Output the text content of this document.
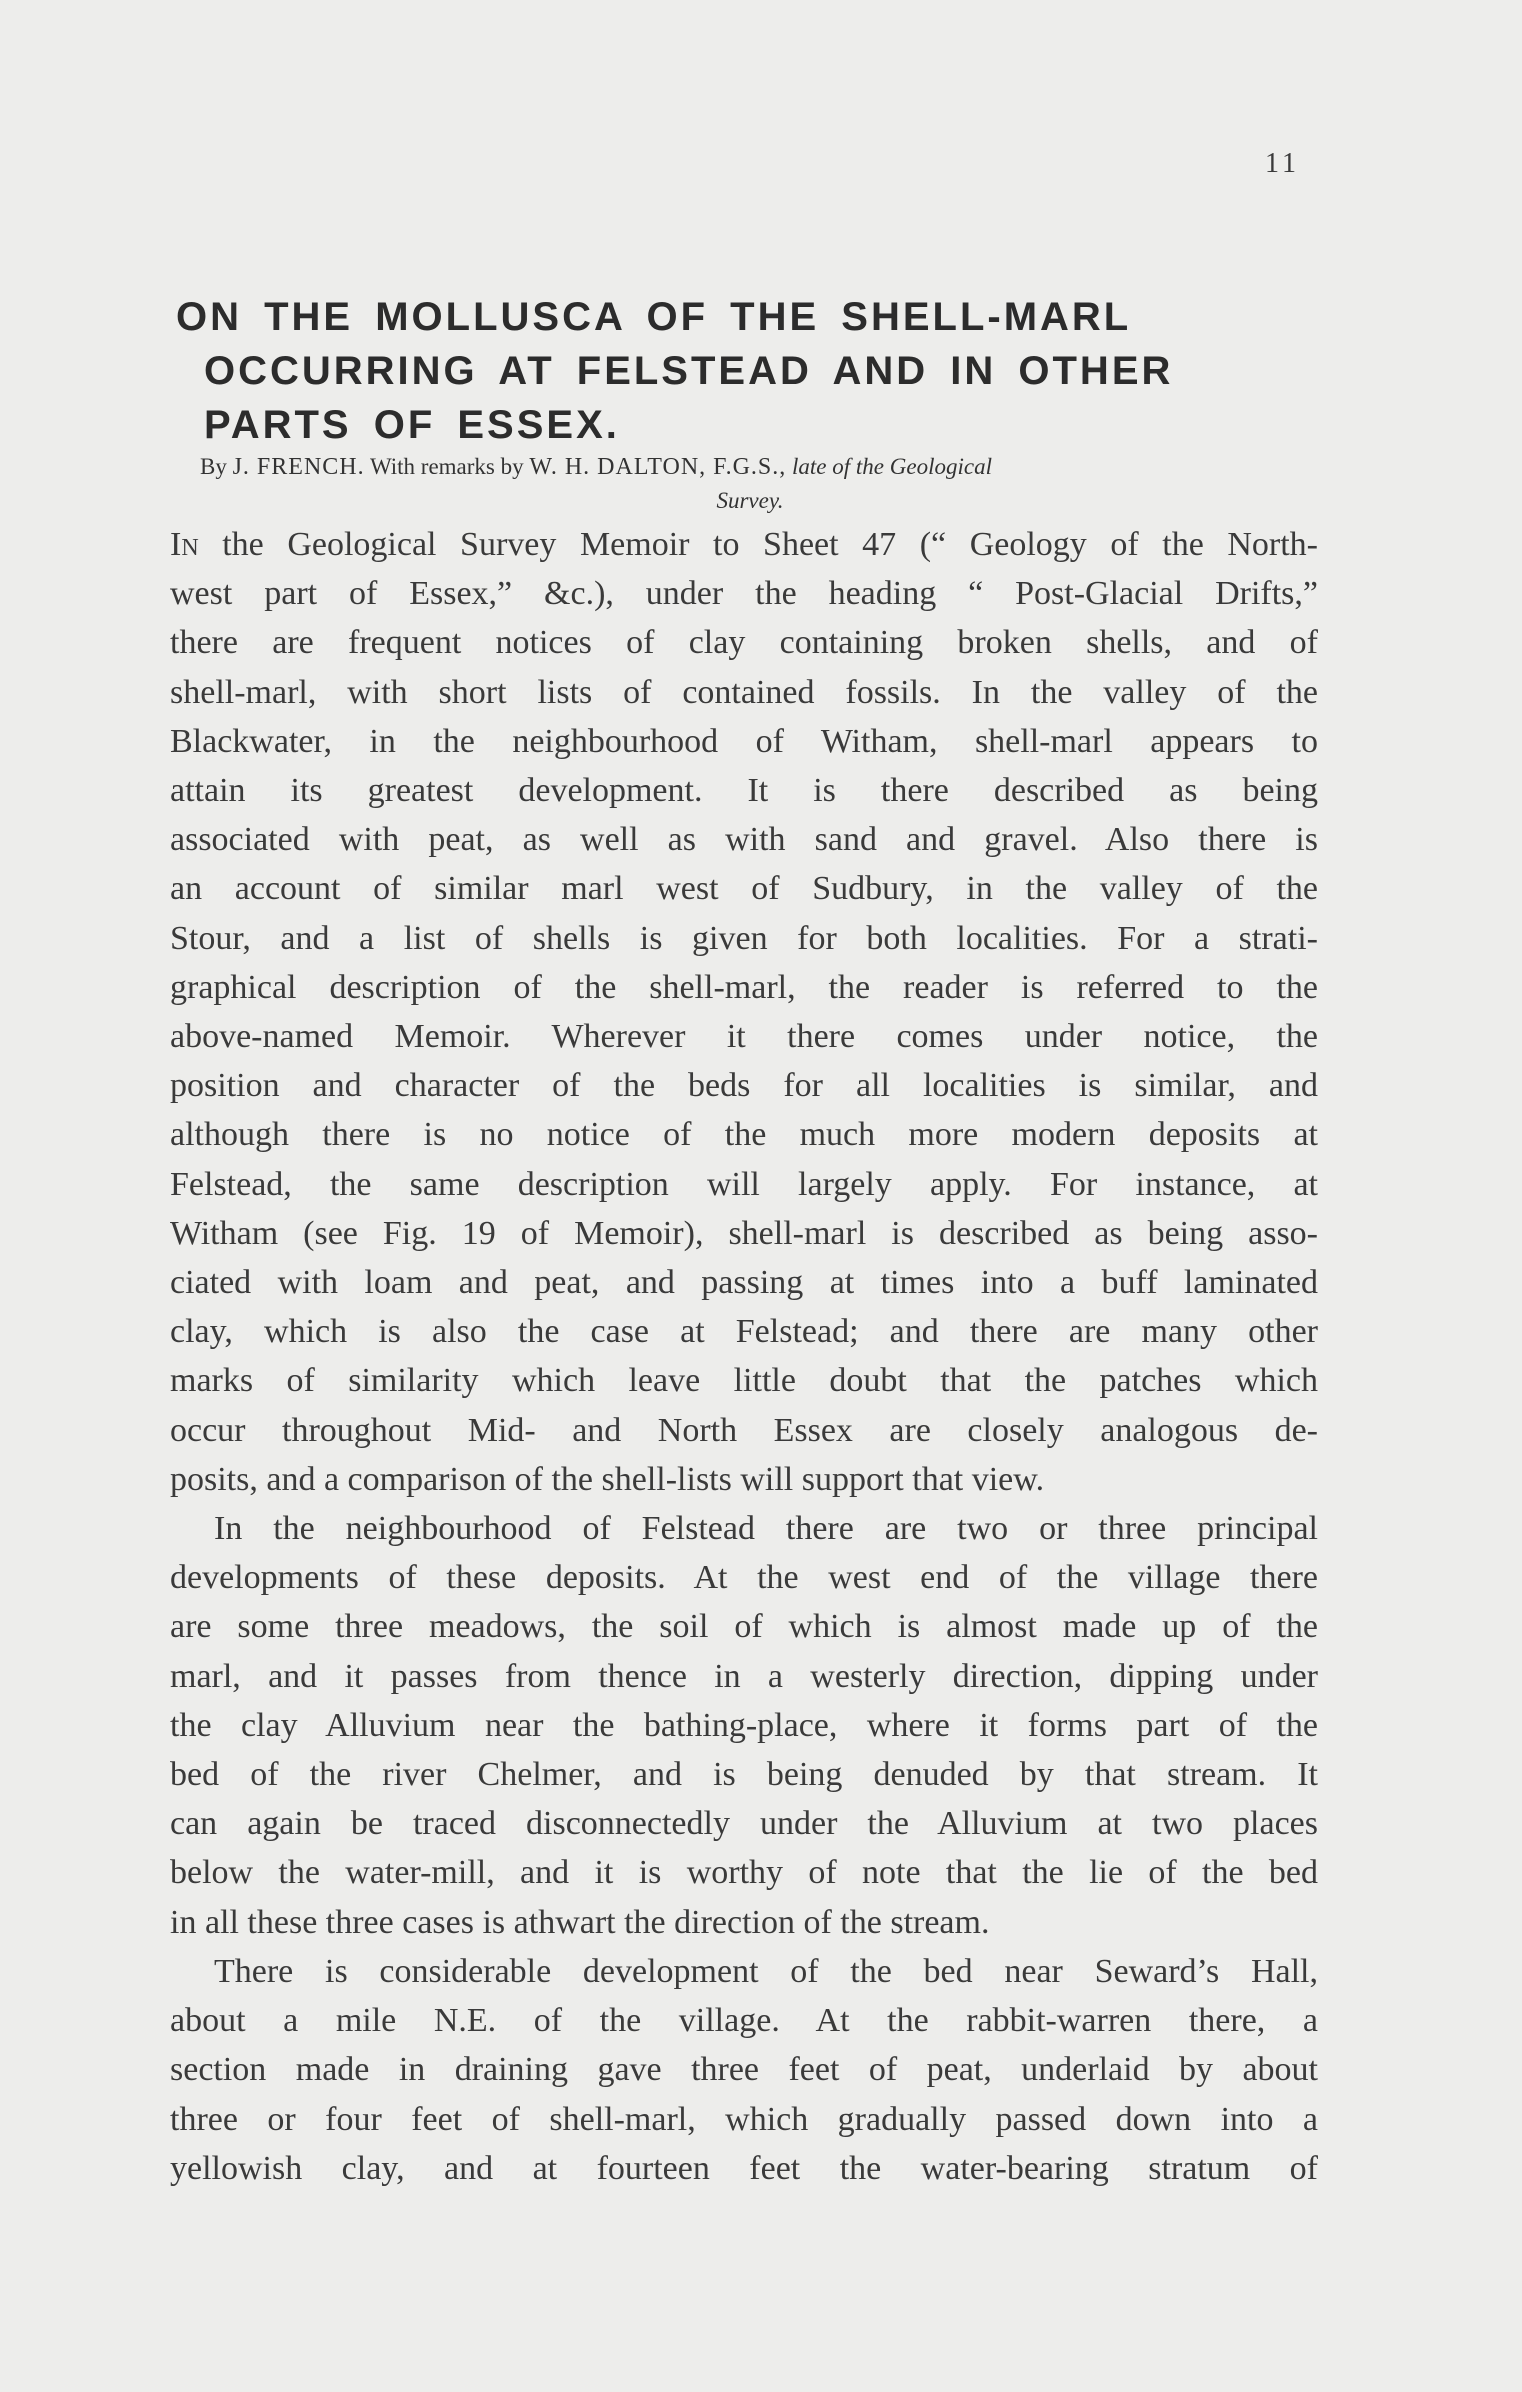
11
ON THE MOLLUSCA OF THE SHELL-MARL
OCCURRING AT FELSTEAD AND IN OTHER
PARTS OF ESSEX.
By J. FRENCH. With remarks by W. H. DALTON, F.G.S., late of the Geological
Survey.

In the Geological Survey Memoir to Sheet 47 (“ Geology of the North-
west part of Essex,” &c.), under the heading “ Post-Glacial Drifts,”
there are frequent notices of clay containing broken shells, and of
shell-marl, with short lists of contained fossils. In the valley of the
Blackwater, in the neighbourhood of Witham, shell-marl appears to
attain its greatest development. It is there described as being
associated with peat, as well as with sand and gravel. Also there is
an account of similar marl west of Sudbury, in the valley of the
Stour, and a list of shells is given for both localities. For a strati-
graphical description of the shell-marl, the reader is referred to the
above-named Memoir. Wherever it there comes under notice, the
position and character of the beds for all localities is similar, and
although there is no notice of the much more modern deposits at
Felstead, the same description will largely apply. For instance, at
Witham (see Fig. 19 of Memoir), shell-marl is described as being asso-
ciated with loam and peat, and passing at times into a buff laminated
clay, which is also the case at Felstead; and there are many other
marks of similarity which leave little doubt that the patches which
occur throughout Mid- and North Essex are closely analogous de-
posits, and a comparison of the shell-lists will support that view.

In the neighbourhood of Felstead there are two or three principal
developments of these deposits. At the west end of the village there
are some three meadows, the soil of which is almost made up of the
marl, and it passes from thence in a westerly direction, dipping under
the clay Alluvium near the bathing-place, where it forms part of the
bed of the river Chelmer, and is being denuded by that stream. It
can again be traced disconnectedly under the Alluvium at two places
below the water-mill, and it is worthy of note that the lie of the bed
in all these three cases is athwart the direction of the stream.

There is considerable development of the bed near Seward’s Hall,
about a mile N.E. of the village. At the rabbit-warren there, a
section made in draining gave three feet of peat, underlaid by about
three or four feet of shell-marl, which gradually passed down into a
yellowish clay, and at fourteen feet the water-bearing stratum of
